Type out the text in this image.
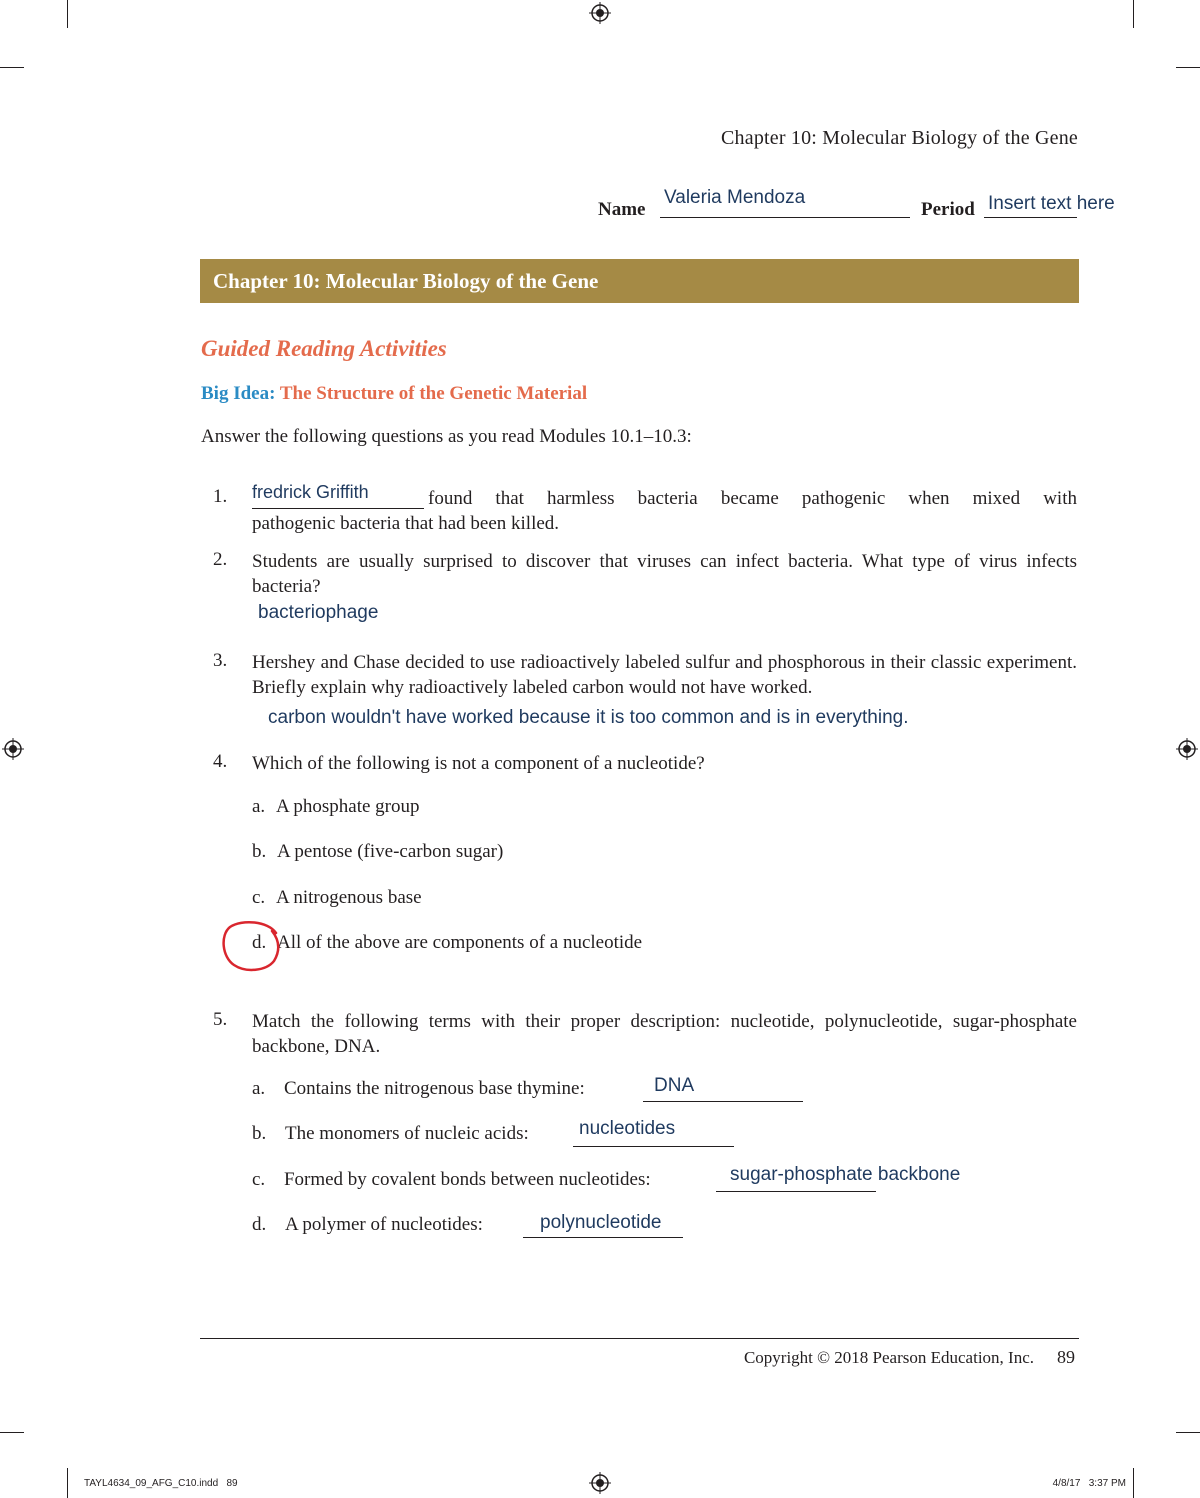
Chapter 10: Molecular Biology of the Gene
Name
Valeria Mendoza
Period Insert text here
Chapter 10: Molecular Biology of the Gene
Guided Reading Activities
Big Idea: The Structure of the Genetic Material
Answer the following questions as you read Modules 10.1–10.3:
1. fredrick Griffith	found that harmless bacteria became pathogenic when mixed with
pathogenic bacteria that had been killed.
2. Students are usually surprised to discover that viruses can infect bacteria. What type of virus infects bacteria?
bacteriophage
3. Hershey and Chase decided to use radioactively labeled sulfur and phosphorous in their classic experiment. Briefly explain why radioactively labeled carbon would not have worked.
carbon wouldn't have worked because it is too common and is in everything.
4. Which of the following is not a component of a nucleotide?
a. A phosphate group
b. A pentose (five-carbon sugar)
c. A nitrogenous base
d. All of the above are components of a nucleotide
5. Match the following terms with their proper description: nucleotide, polynucleotide, sugar-phosphate backbone, DNA.
a. Contains the nitrogenous base thymine:	DNA
b. The monomers of nucleic acids:	nucleotides
c. Formed by covalent bonds between nucleotides:	sugar-phosphate backbone
d. A polymer of nucleotides:	polynucleotide
Copyright © 2018 Pearson Education, Inc. 89
TAYL4634_09_AFG_C10.indd   89	4/8/17   3:37 PM
